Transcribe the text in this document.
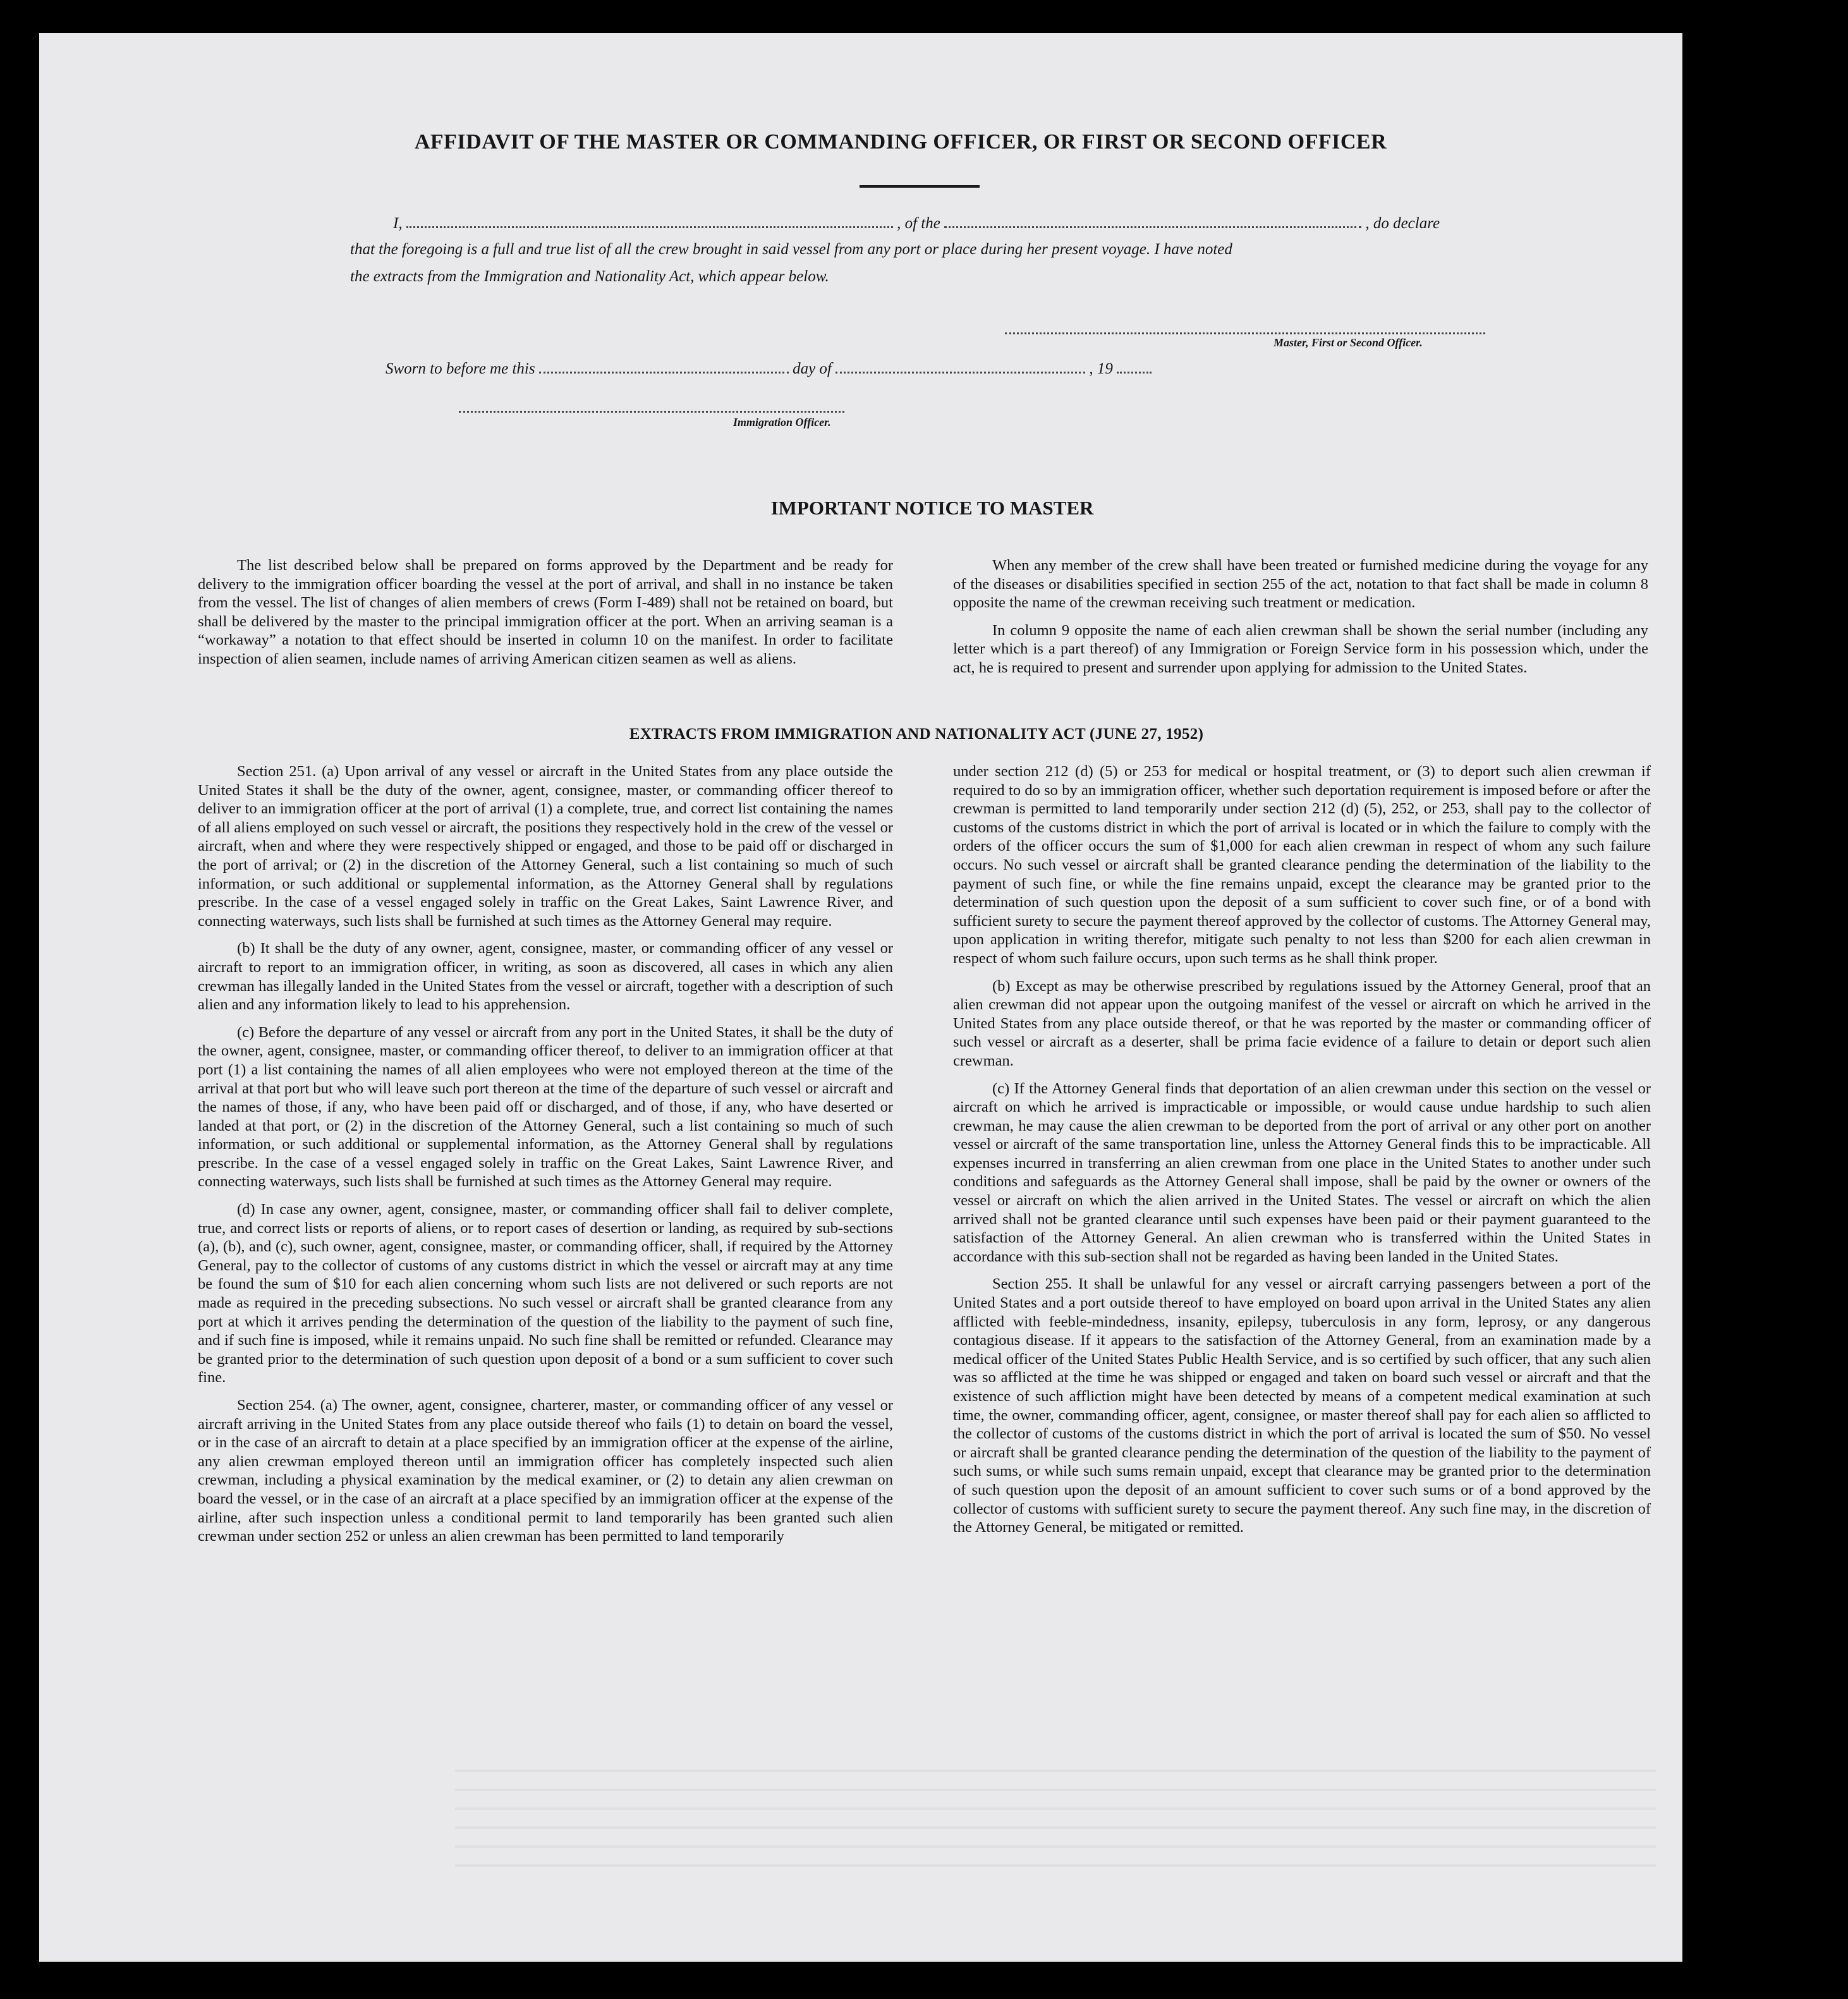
AFFIDAVIT OF THE MASTER OR COMMANDING OFFICER, OR FIRST OR SECOND OFFICER
I,	, of the	, do declare
that the foregoing is a full and true list of all the crew brought in said vessel from any port or place during her present voyage. I have noted
the extracts from the Immigration and Nationality Act, which appear below.
Master, First or Second Officer.
Sworn to before me this	day of	, 19
Immigration Officer.
IMPORTANT NOTICE TO MASTER

The list described below shall be prepared on forms approved by the Department and be ready for delivery to the immigration officer boarding the vessel at the port of arrival, and shall in no instance be taken from the vessel. The list of changes of alien members of crews (Form I-489) shall not be retained on board, but shall be delivered by the master to the principal immigration officer at the port. When an arriving seaman is a “workaway” a notation to that effect should be inserted in column 10 on the manifest. In order to facilitate inspection of alien seamen, include names of arriving American citizen seamen as well as aliens.

When any member of the crew shall have been treated or furnished medicine during the voyage for any of the diseases or disabilities specified in section 255 of the act, notation to that fact shall be made in column 8 opposite the name of the crewman receiving such treatment or medication.

In column 9 opposite the name of each alien crewman shall be shown the serial number (including any letter which is a part thereof) of any Immigration or Foreign Service form in his possession which, under the act, he is required to present and surrender upon applying for admission to the United States.

EXTRACTS FROM IMMIGRATION AND NATIONALITY ACT (JUNE 27, 1952)

Section 251. (a) Upon arrival of any vessel or aircraft in the United States from any place outside the United States it shall be the duty of the owner, agent, consignee, master, or commanding officer thereof to deliver to an immigration officer at the port of arrival (1) a complete, true, and correct list containing the names of all aliens employed on such vessel or aircraft, the positions they respectively hold in the crew of the vessel or aircraft, when and where they were respectively shipped or engaged, and those to be paid off or discharged in the port of arrival; or (2) in the discretion of the Attorney General, such a list containing so much of such information, or such additional or supplemental information, as the Attorney General shall by regulations prescribe. In the case of a vessel engaged solely in traffic on the Great Lakes, Saint Lawrence River, and connecting waterways, such lists shall be furnished at such times as the Attorney General may require.

(b) It shall be the duty of any owner, agent, consignee, master, or commanding officer of any vessel or aircraft to report to an immigration officer, in writing, as soon as discovered, all cases in which any alien crewman has illegally landed in the United States from the vessel or aircraft, together with a description of such alien and any information likely to lead to his apprehension.

(c) Before the departure of any vessel or aircraft from any port in the United States, it shall be the duty of the owner, agent, consignee, master, or commanding officer thereof, to deliver to an immigration officer at that port (1) a list containing the names of all alien employees who were not employed thereon at the time of the arrival at that port but who will leave such port thereon at the time of the departure of such vessel or aircraft and the names of those, if any, who have been paid off or discharged, and of those, if any, who have deserted or landed at that port, or (2) in the discretion of the Attorney General, such a list containing so much of such information, or such additional or supplemental information, as the Attorney General shall by regulations prescribe. In the case of a vessel engaged solely in traffic on the Great Lakes, Saint Lawrence River, and connecting waterways, such lists shall be furnished at such times as the Attorney General may require.

(d) In case any owner, agent, consignee, master, or commanding officer shall fail to deliver complete, true, and correct lists or reports of aliens, or to report cases of desertion or landing, as required by sub-sections (a), (b), and (c), such owner, agent, consignee, master, or commanding officer, shall, if required by the Attorney General, pay to the collector of customs of any customs district in which the vessel or aircraft may at any time be found the sum of $10 for each alien concerning whom such lists are not delivered or such reports are not made as required in the preceding subsections. No such vessel or aircraft shall be granted clearance from any port at which it arrives pending the determination of the question of the liability to the payment of such fine, and if such fine is imposed, while it remains unpaid. No such fine shall be remitted or refunded. Clearance may be granted prior to the determination of such question upon deposit of a bond or a sum sufficient to cover such fine.

Section 254. (a) The owner, agent, consignee, charterer, master, or commanding officer of any vessel or aircraft arriving in the United States from any place outside thereof who fails (1) to detain on board the vessel, or in the case of an aircraft to detain at a place specified by an immigration officer at the expense of the airline, any alien crewman employed thereon until an immigration officer has completely inspected such alien crewman, including a physical examination by the medical examiner, or (2) to detain any alien crewman on board the vessel, or in the case of an aircraft at a place specified by an immigration officer at the expense of the airline, after such inspection unless a conditional permit to land temporarily has been granted such alien crewman under section 252 or unless an alien crewman has been permitted to land temporarily

under section 212 (d) (5) or 253 for medical or hospital treatment, or (3) to deport such alien crewman if required to do so by an immigration officer, whether such deportation requirement is imposed before or after the crewman is permitted to land temporarily under section 212 (d) (5), 252, or 253, shall pay to the collector of customs of the customs district in which the port of arrival is located or in which the failure to comply with the orders of the officer occurs the sum of $1,000 for each alien crewman in respect of whom any such failure occurs. No such vessel or aircraft shall be granted clearance pending the determination of the liability to the payment of such fine, or while the fine remains unpaid, except the clearance may be granted prior to the determination of such question upon the deposit of a sum sufficient to cover such fine, or of a bond with sufficient surety to secure the payment thereof approved by the collector of customs. The Attorney General may, upon application in writing therefor, mitigate such penalty to not less than $200 for each alien crewman in respect of whom such failure occurs, upon such terms as he shall think proper.

(b) Except as may be otherwise prescribed by regulations issued by the Attorney General, proof that an alien crewman did not appear upon the outgoing manifest of the vessel or aircraft on which he arrived in the United States from any place outside thereof, or that he was reported by the master or commanding officer of such vessel or aircraft as a deserter, shall be prima facie evidence of a failure to detain or deport such alien crewman.

(c) If the Attorney General finds that deportation of an alien crewman under this section on the vessel or aircraft on which he arrived is impracticable or impossible, or would cause undue hardship to such alien crewman, he may cause the alien crewman to be deported from the port of arrival or any other port on another vessel or aircraft of the same transportation line, unless the Attorney General finds this to be impracticable. All expenses incurred in transferring an alien crewman from one place in the United States to another under such conditions and safeguards as the Attorney General shall impose, shall be paid by the owner or owners of the vessel or aircraft on which the alien arrived in the United States. The vessel or aircraft on which the alien arrived shall not be granted clearance until such expenses have been paid or their payment guaranteed to the satisfaction of the Attorney General. An alien crewman who is transferred within the United States in accordance with this sub-section shall not be regarded as having been landed in the United States.

Section 255. It shall be unlawful for any vessel or aircraft carrying passengers between a port of the United States and a port outside thereof to have employed on board upon arrival in the United States any alien afflicted with feeble-mindedness, insanity, epilepsy, tuberculosis in any form, leprosy, or any dangerous contagious disease. If it appears to the satisfaction of the Attorney General, from an examination made by a medical officer of the United States Public Health Service, and is so certified by such officer, that any such alien was so afflicted at the time he was shipped or engaged and taken on board such vessel or aircraft and that the existence of such affliction might have been detected by means of a competent medical examination at such time, the owner, commanding officer, agent, consignee, or master thereof shall pay for each alien so afflicted to the collector of customs of the customs district in which the port of arrival is located the sum of $50. No vessel or aircraft shall be granted clearance pending the determination of the question of the liability to the payment of such sums, or while such sums remain unpaid, except that clearance may be granted prior to the determination of such question upon the deposit of an amount sufficient to cover such sums or of a bond approved by the collector of customs with sufficient surety to secure the payment thereof. Any such fine may, in the discretion of the Attorney General, be mitigated or remitted.
